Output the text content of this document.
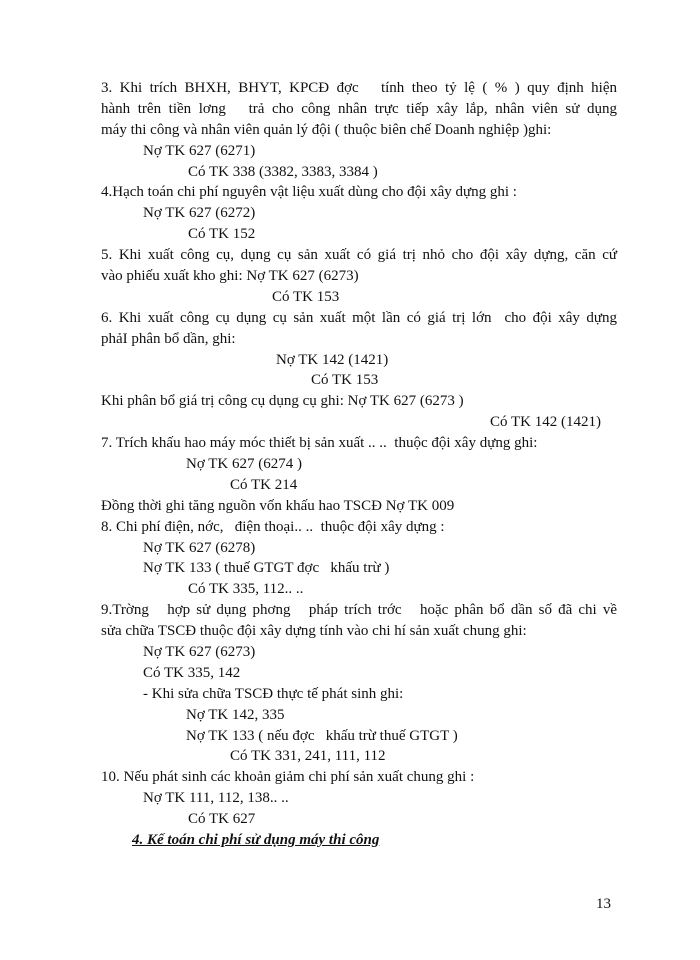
3. Khi trích BHXH, BHYT, KPCĐ đợc   tính theo tỷ lệ ( % ) quy định hiện
hành trên tiền lơng   trả cho công nhân trực tiếp xây lắp, nhân viên sử dụng
máy thi công và nhân viên quản lý đội ( thuộc biên chế Doanh nghiệp )ghi:
Nợ TK 627 (6271)
Có TK 338 (3382, 3383, 3384 )
4.Hạch toán chi phí nguyên vật liệu xuất dùng cho đội xây dựng ghi :
Nợ TK 627 (6272)
Có TK 152
5. Khi xuất công cụ, dụng cụ sản xuất có giá trị nhỏ cho đội xây dựng, căn cứ
vào phiếu xuất kho ghi: Nợ TK 627 (6273)
Có TK 153
6. Khi xuất công cụ dụng cụ sản xuất một lần có giá trị lớn  cho đội xây dựng
phảI phân bổ dần, ghi:
Nợ TK 142 (1421)
Có TK 153
Khi phân bổ giá trị công cụ dụng cụ ghi: Nợ TK 627 (6273 )
Có TK 142 (1421)
7. Trích khấu hao máy móc thiết bị sản xuất .. ..  thuộc đội xây dựng ghi:
Nợ TK 627 (6274 )
Có TK 214
Đồng thời ghi tăng nguồn vốn khấu hao TSCĐ Nợ TK 009
8. Chi phí điện, nớc,   điện thoại.. ..  thuộc đội xây dựng :
Nợ TK 627 (6278)
Nợ TK 133 ( thuế GTGT đợc   khấu trừ )
Có TK 335, 112.. ..
9.Trờng   hợp sử dụng phơng   pháp trích trớc   hoặc phân bổ dần số đã chi về
sửa chữa TSCĐ thuộc đội xây dựng tính vào chi hí sản xuất chung ghi:
Nợ TK 627 (6273)
Có TK 335, 142
- Khi sửa chữa TSCĐ thực tế phát sinh ghi:
Nợ TK 142, 335
Nợ TK 133 ( nếu đợc   khấu trừ thuế GTGT )
Có TK 331, 241, 111, 112
10. Nếu phát sinh các khoản giảm chi phí sản xuất chung ghi :
Nợ TK 111, 112, 138.. ..
Có TK 627
4. Kế toán chi phí sử dụng máy thi công
13
